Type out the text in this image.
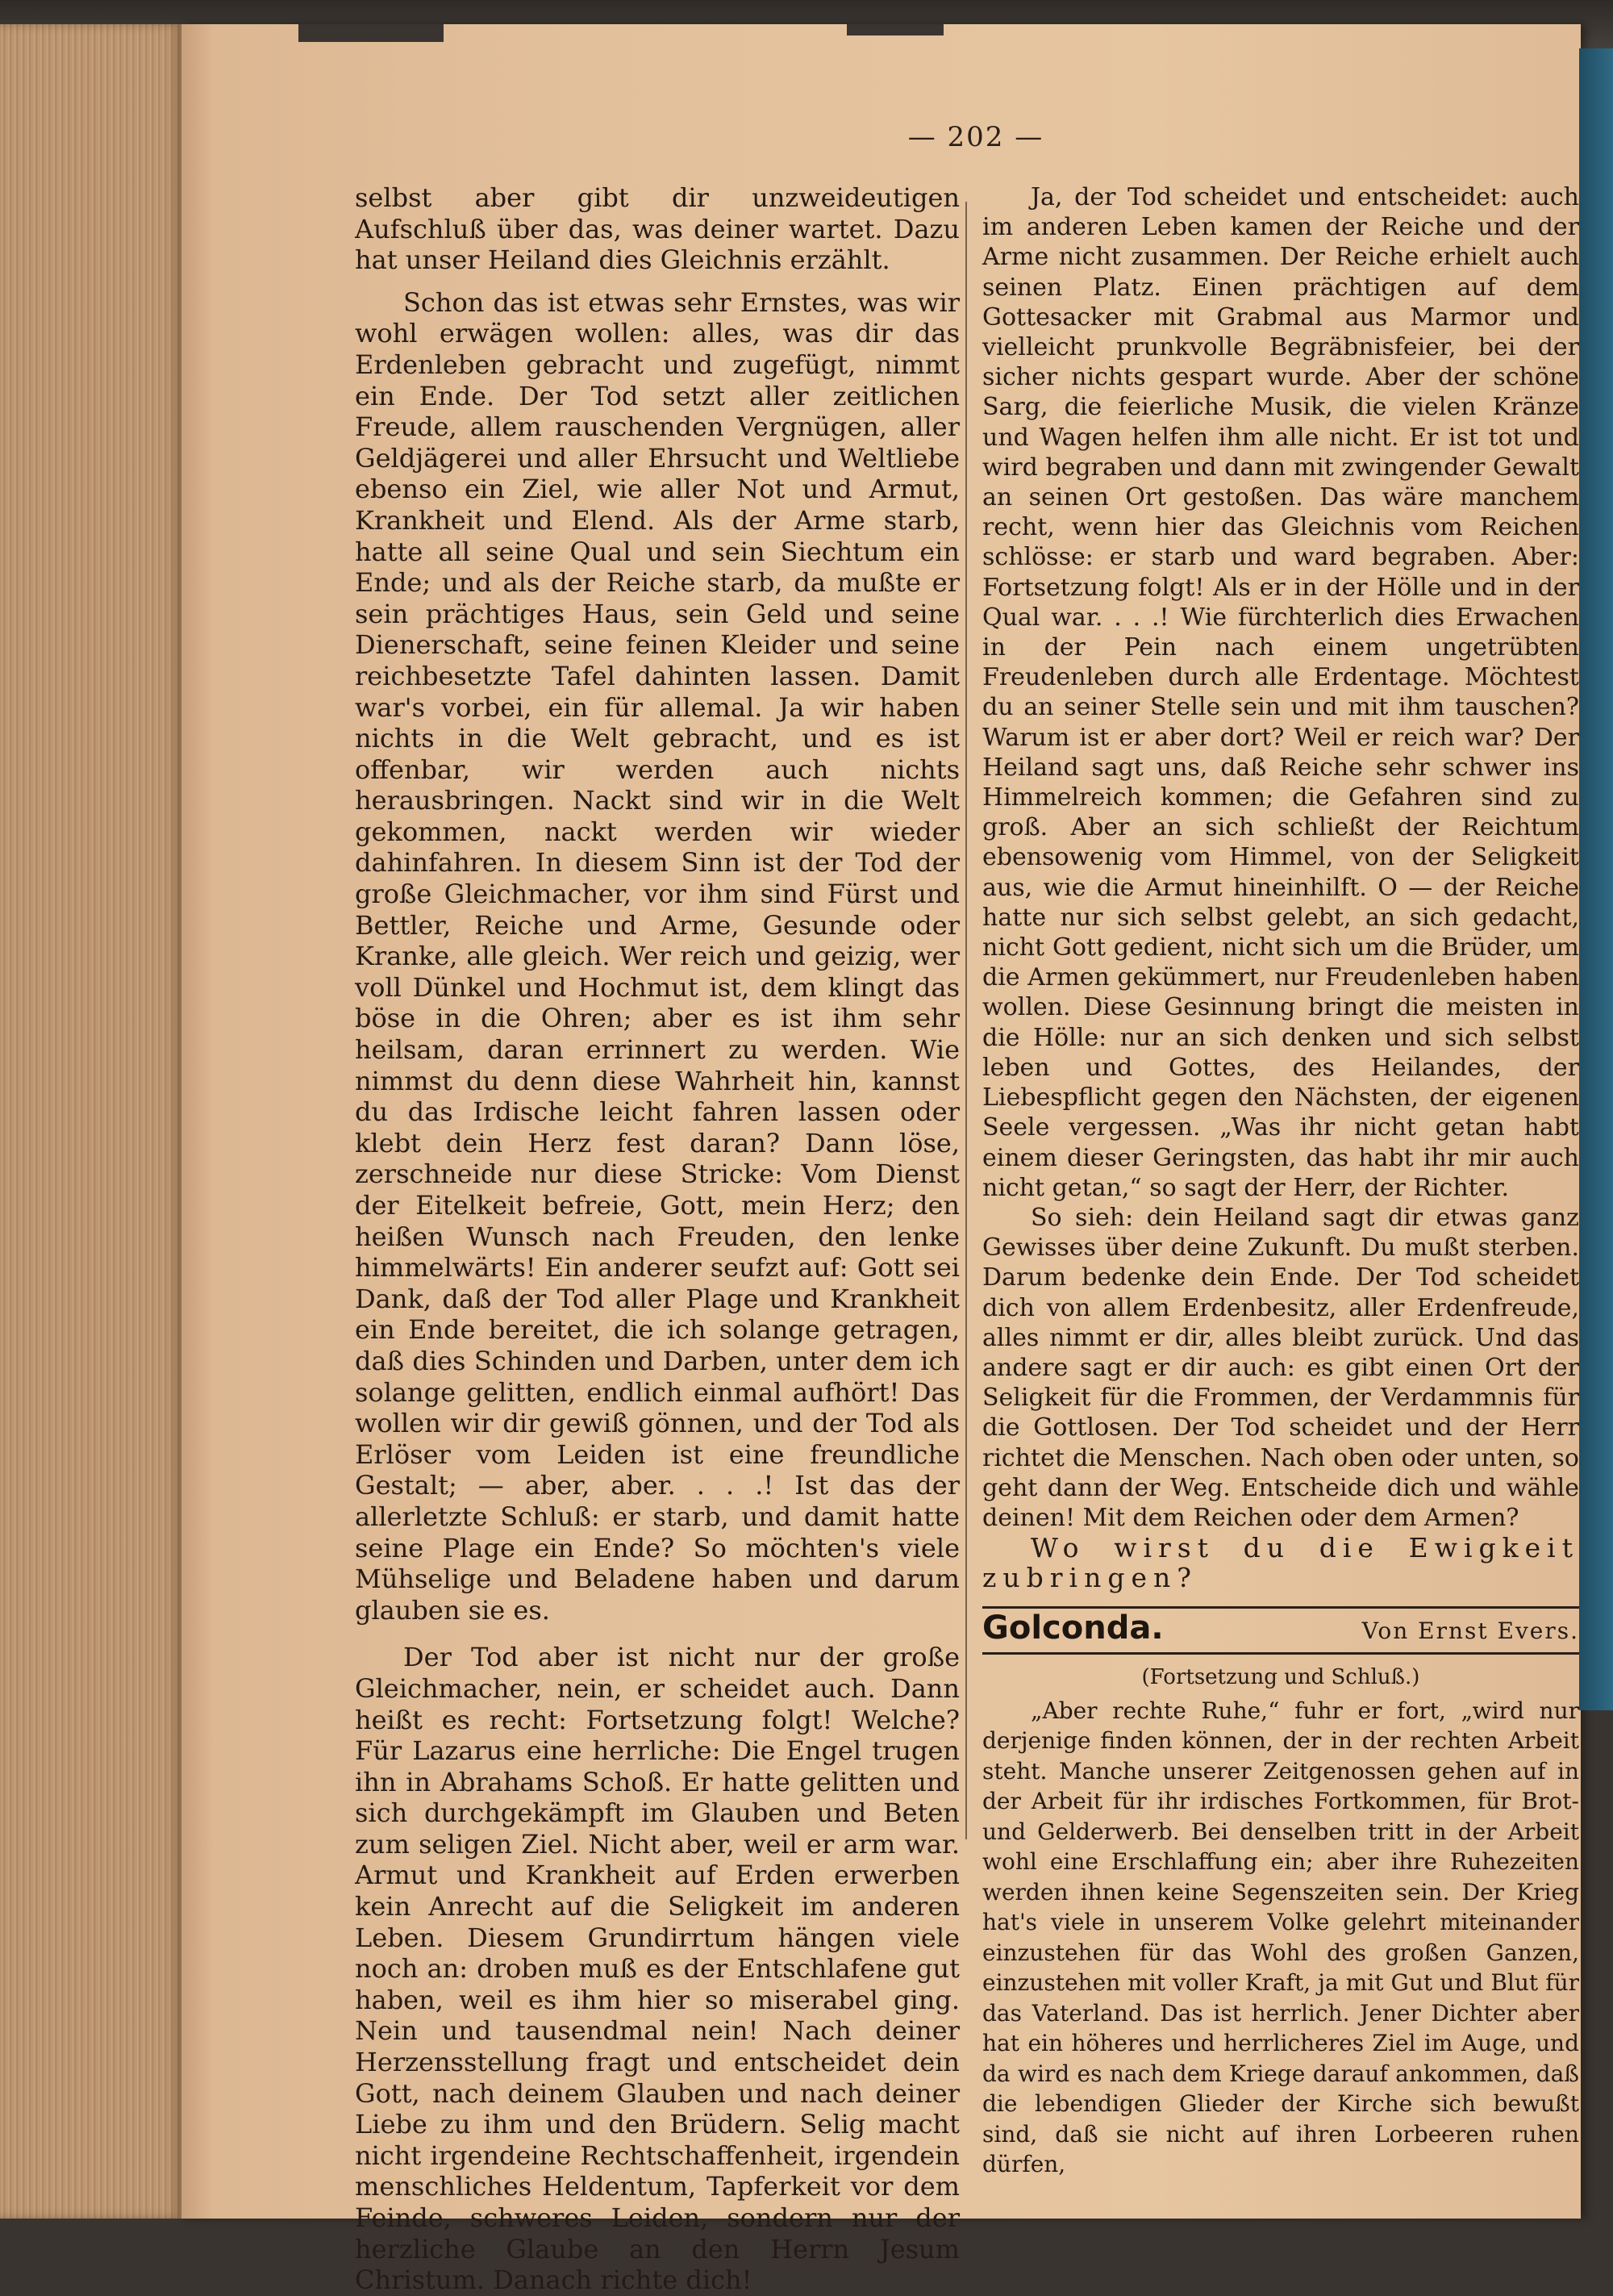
— 202 —

selbst aber gibt dir unzweideutigen Aufschluß über das, was deiner wartet. Dazu hat unser Heiland dies Gleichnis erzählt.

Schon das ist etwas sehr Ernstes, was wir wohl erwägen wollen: alles, was dir das Erdenleben gebracht und zugefügt, nimmt ein Ende. Der Tod setzt aller zeitlichen Freude, allem rauschenden Vergnügen, aller Geldjägerei und aller Ehrsucht und Weltliebe ebenso ein Ziel, wie aller Not und Armut, Krankheit und Elend. Als der Arme starb, hatte all seine Qual und sein Siechtum ein Ende; und als der Reiche starb, da mußte er sein prächtiges Haus, sein Geld und seine Dienerschaft, seine feinen Kleider und seine reichbesetzte Tafel dahinten lassen. Damit war's vorbei, ein für allemal. Ja wir haben nichts in die Welt gebracht, und es ist offenbar, wir werden auch nichts herausbringen. Nackt sind wir in die Welt gekommen, nackt werden wir wieder dahinfahren. In diesem Sinn ist der Tod der große Gleichmacher, vor ihm sind Fürst und Bettler, Reiche und Arme, Gesunde oder Kranke, alle gleich. Wer reich und geizig, wer voll Dünkel und Hochmut ist, dem klingt das böse in die Ohren; aber es ist ihm sehr heilsam, daran errinnert zu werden. Wie nimmst du denn diese Wahrheit hin, kannst du das Irdische leicht fahren lassen oder klebt dein Herz fest daran? Dann löse, zerschneide nur diese Stricke: Vom Dienst der Eitelkeit befreie, Gott, mein Herz; den heißen Wunsch nach Freuden, den lenke himmelwärts! Ein anderer seufzt auf: Gott sei Dank, daß der Tod aller Plage und Krankheit ein Ende bereitet, die ich solange getragen, daß dies Schinden und Darben, unter dem ich solange gelitten, endlich einmal aufhört! Das wollen wir dir gewiß gönnen, und der Tod als Erlöser vom Leiden ist eine freundliche Gestalt; — aber, aber. . . .! Ist das der allerletzte Schluß: er starb, und damit hatte seine Plage ein Ende? So möchten's viele Mühselige und Beladene haben und darum glauben sie es.

Der Tod aber ist nicht nur der große Gleichmacher, nein, er scheidet auch. Dann heißt es recht: Fortsetzung folgt! Welche? Für Lazarus eine herrliche: Die Engel trugen ihn in Abrahams Schoß. Er hatte gelitten und sich durchgekämpft im Glauben und Beten zum seligen Ziel. Nicht aber, weil er arm war. Armut und Krankheit auf Erden erwerben kein Anrecht auf die Seligkeit im anderen Leben. Diesem Grundirrtum hängen viele noch an: droben muß es der Entschlafene gut haben, weil es ihm hier so miserabel ging. Nein und tausendmal nein! Nach deiner Herzensstellung fragt und entscheidet dein Gott, nach deinem Glauben und nach deiner Liebe zu ihm und den Brüdern. Selig macht nicht irgendeine Rechtschaffenheit, irgendein menschliches Heldentum, Tapferkeit vor dem Feinde, schweres Leiden, sondern nur der herzliche Glaube an den Herrn Jesum Christum. Danach richte dich!

Ja, der Tod scheidet und entscheidet: auch im anderen Leben kamen der Reiche und der Arme nicht zusammen. Der Reiche erhielt auch seinen Platz. Einen prächtigen auf dem Gottesacker mit Grabmal aus Marmor und vielleicht prunkvolle Begräbnisfeier, bei der sicher nichts gespart wurde. Aber der schöne Sarg, die feierliche Musik, die vielen Kränze und Wagen helfen ihm alle nicht. Er ist tot und wird begraben und dann mit zwingender Gewalt an seinen Ort gestoßen. Das wäre manchem recht, wenn hier das Gleichnis vom Reichen schlösse: er starb und ward begraben. Aber: Fortsetzung folgt! Als er in der Hölle und in der Qual war. . . .! Wie fürchterlich dies Erwachen in der Pein nach einem ungetrübten Freudenleben durch alle Erdentage. Möchtest du an seiner Stelle sein und mit ihm tauschen? Warum ist er aber dort? Weil er reich war? Der Heiland sagt uns, daß Reiche sehr schwer ins Himmelreich kommen; die Gefahren sind zu groß. Aber an sich schließt der Reichtum ebensowenig vom Himmel, von der Seligkeit aus, wie die Armut hineinhilft. O — der Reiche hatte nur sich selbst gelebt, an sich gedacht, nicht Gott gedient, nicht sich um die Brüder, um die Armen gekümmert, nur Freudenleben haben wollen. Diese Gesinnung bringt die meisten in die Hölle: nur an sich denken und sich selbst leben und Gottes, des Heilandes, der Liebespflicht gegen den Nächsten, der eigenen Seele vergessen. „Was ihr nicht getan habt einem dieser Geringsten, das habt ihr mir auch nicht getan,“ so sagt der Herr, der Richter.

So sieh: dein Heiland sagt dir etwas ganz Gewisses über deine Zukunft. Du mußt sterben. Darum bedenke dein Ende. Der Tod scheidet dich von allem Erdenbesitz, aller Erdenfreude, alles nimmt er dir, alles bleibt zurück. Und das andere sagt er dir auch: es gibt einen Ort der Seligkeit für die Frommen, der Verdammnis für die Gottlosen. Der Tod scheidet und der Herr richtet die Menschen. Nach oben oder unten, so geht dann der Weg. Entscheide dich und wähle deinen! Mit dem Reichen oder dem Armen?

Wo wirst du die Ewigkeit zubringen?

Golconda.	Von Ernst Evers.
(Fortsetzung und Schluß.)

„Aber rechte Ruhe,“ fuhr er fort, „wird nur derjenige finden können, der in der rechten Arbeit steht. Manche unserer Zeitgenossen gehen auf in der Arbeit für ihr irdisches Fortkommen, für Brot- und Gelderwerb. Bei denselben tritt in der Arbeit wohl eine Erschlaffung ein; aber ihre Ruhezeiten werden ihnen keine Segenszeiten sein. Der Krieg hat's viele in unserem Volke gelehrt miteinander einzustehen für das Wohl des großen Ganzen, einzustehen mit voller Kraft, ja mit Gut und Blut für das Vaterland. Das ist herrlich. Jener Dichter aber hat ein höheres und herrlicheres Ziel im Auge, und da wird es nach dem Kriege darauf ankommen, daß die lebendigen Glieder der Kirche sich bewußt sind, daß sie nicht auf ihren Lorbeeren ruhen dürfen,
